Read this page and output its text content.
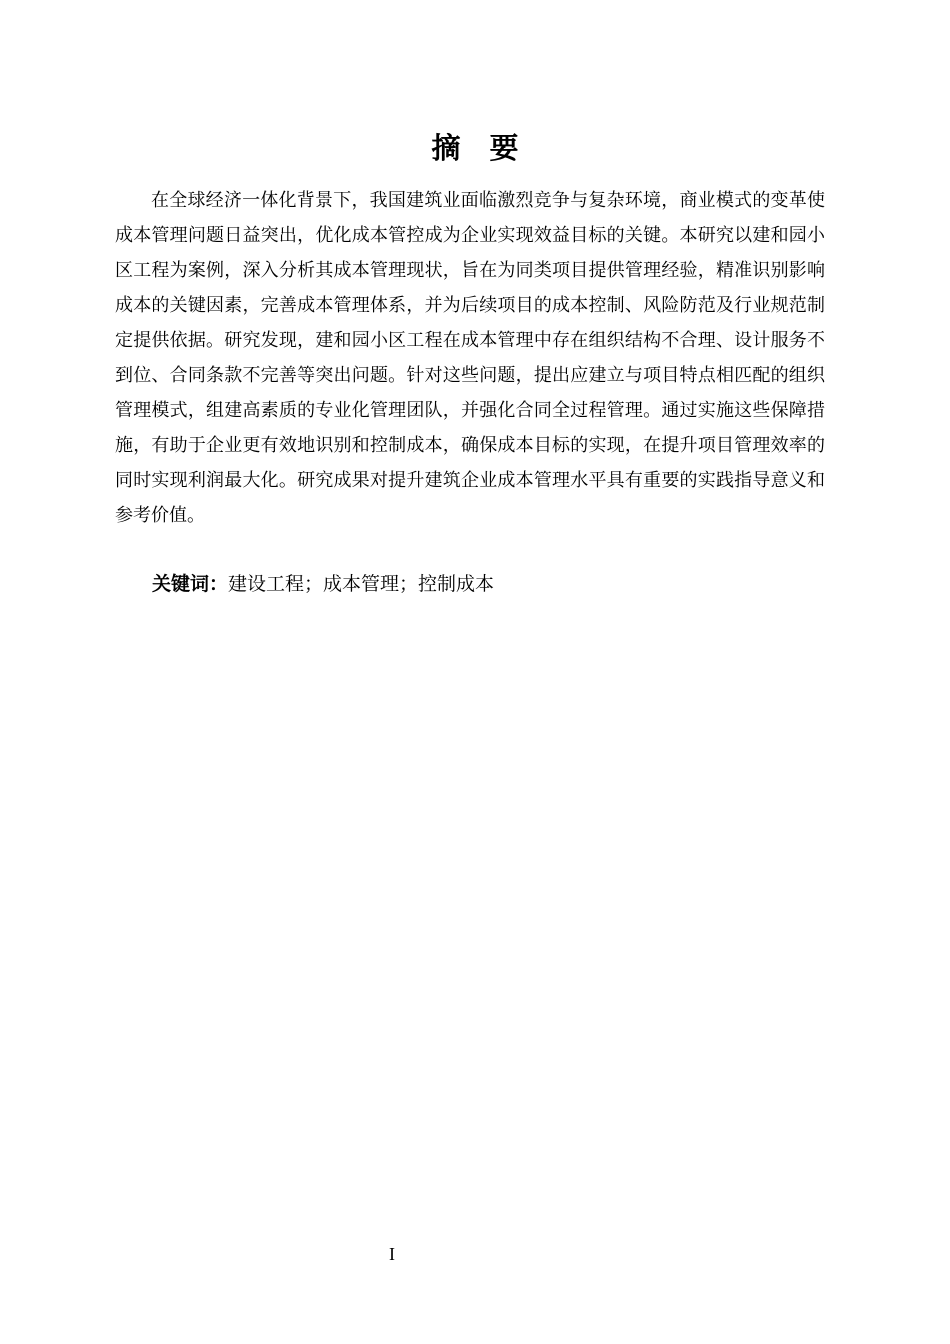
摘　要

在全球经济一体化背景下，我国建筑业面临激烈竞争与复杂环境，商业模式的变革使成本管理问题日益突出，优化成本管控成为企业实现效益目标的关键。本研究以建和园小区工程为案例，深入分析其成本管理现状，旨在为同类项目提供管理经验，精准识别影响成本的关键因素，完善成本管理体系，并为后续项目的成本控制、风险防范及行业规范制定提供依据。研究发现，建和园小区工程在成本管理中存在组织结构不合理、设计服务不到位、合同条款不完善等突出问题。针对这些问题，提出应建立与项目特点相匹配的组织管理模式，组建高素质的专业化管理团队，并强化合同全过程管理。通过实施这些保障措施，有助于企业更有效地识别和控制成本，确保成本目标的实现，在提升项目管理效率的同时实现利润最大化。研究成果对提升建筑企业成本管理水平具有重要的实践指导意义和参考价值。

关键词：建设工程；成本管理；控制成本

I
